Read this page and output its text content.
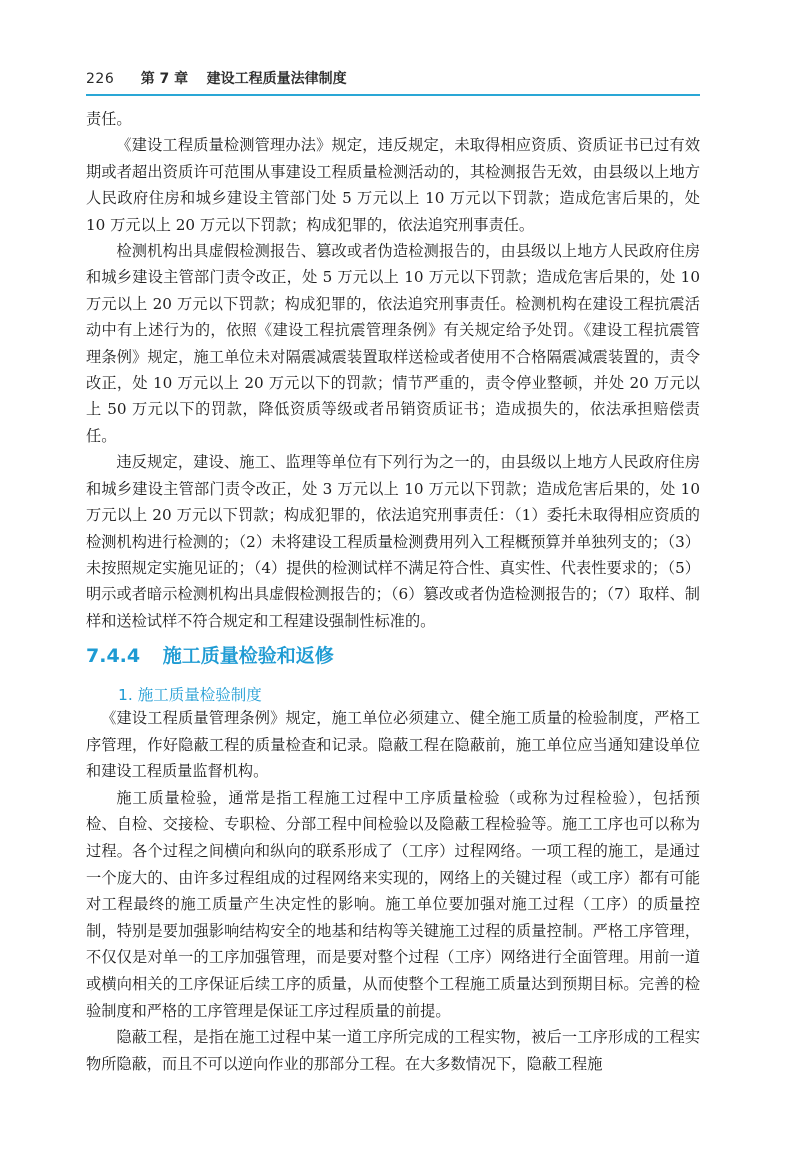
226 第 7 章 建设工程质量法律制度

责任。

《建设工程质量检测管理办法》规定，违反规定，未取得相应资质、资质证书已过有效期或者超出资质许可范围从事建设工程质量检测活动的，其检测报告无效，由县级以上地方人民政府住房和城乡建设主管部门处 5 万元以上 10 万元以下罚款；造成危害后果的，处 10 万元以上 20 万元以下罚款；构成犯罪的，依法追究刑事责任。

检测机构出具虚假检测报告、篡改或者伪造检测报告的，由县级以上地方人民政府住房和城乡建设主管部门责令改正，处 5 万元以上 10 万元以下罚款；造成危害后果的，处 10 万元以上 20 万元以下罚款；构成犯罪的，依法追究刑事责任。检测机构在建设工程抗震活动中有上述行为的，依照《建设工程抗震管理条例》有关规定给予处罚。《建设工程抗震管理条例》规定，施工单位未对隔震减震装置取样送检或者使用不合格隔震减震装置的，责令改正，处 10 万元以上 20 万元以下的罚款；情节严重的，责令停业整顿，并处 20 万元以上 50 万元以下的罚款，降低资质等级或者吊销资质证书；造成损失的，依法承担赔偿责任。

违反规定，建设、施工、监理等单位有下列行为之一的，由县级以上地方人民政府住房和城乡建设主管部门责令改正，处 3 万元以上 10 万元以下罚款；造成危害后果的，处 10 万元以上 20 万元以下罚款；构成犯罪的，依法追究刑事责任：（1）委托未取得相应资质的检测机构进行检测的；（2）未将建设工程质量检测费用列入工程概预算并单独列支的；（3）未按照规定实施见证的；（4）提供的检测试样不满足符合性、真实性、代表性要求的；（5）明示或者暗示检测机构出具虚假检测报告的；（6）篡改或者伪造检测报告的；（7）取样、制样和送检试样不符合规定和工程建设强制性标准的。

7.4.4 施工质量检验和返修
1. 施工质量检验制度

《建设工程质量管理条例》规定，施工单位必须建立、健全施工质量的检验制度，严格工序管理，作好隐蔽工程的质量检查和记录。隐蔽工程在隐蔽前，施工单位应当通知建设单位和建设工程质量监督机构。

施工质量检验，通常是指工程施工过程中工序质量检验（或称为过程检验），包括预检、自检、交接检、专职检、分部工程中间检验以及隐蔽工程检验等。施工工序也可以称为过程。各个过程之间横向和纵向的联系形成了（工序）过程网络。一项工程的施工，是通过一个庞大的、由许多过程组成的过程网络来实现的，网络上的关键过程（或工序）都有可能对工程最终的施工质量产生决定性的影响。施工单位要加强对施工过程（工序）的质量控制，特别是要加强影响结构安全的地基和结构等关键施工过程的质量控制。严格工序管理，不仅仅是对单一的工序加强管理，而是要对整个过程（工序）网络进行全面管理。用前一道或横向相关的工序保证后续工序的质量，从而使整个工程施工质量达到预期目标。完善的检验制度和严格的工序管理是保证工序过程质量的前提。

隐蔽工程，是指在施工过程中某一道工序所完成的工程实物，被后一工序形成的工程实物所隐蔽，而且不可以逆向作业的那部分工程。在大多数情况下，隐蔽工程施
